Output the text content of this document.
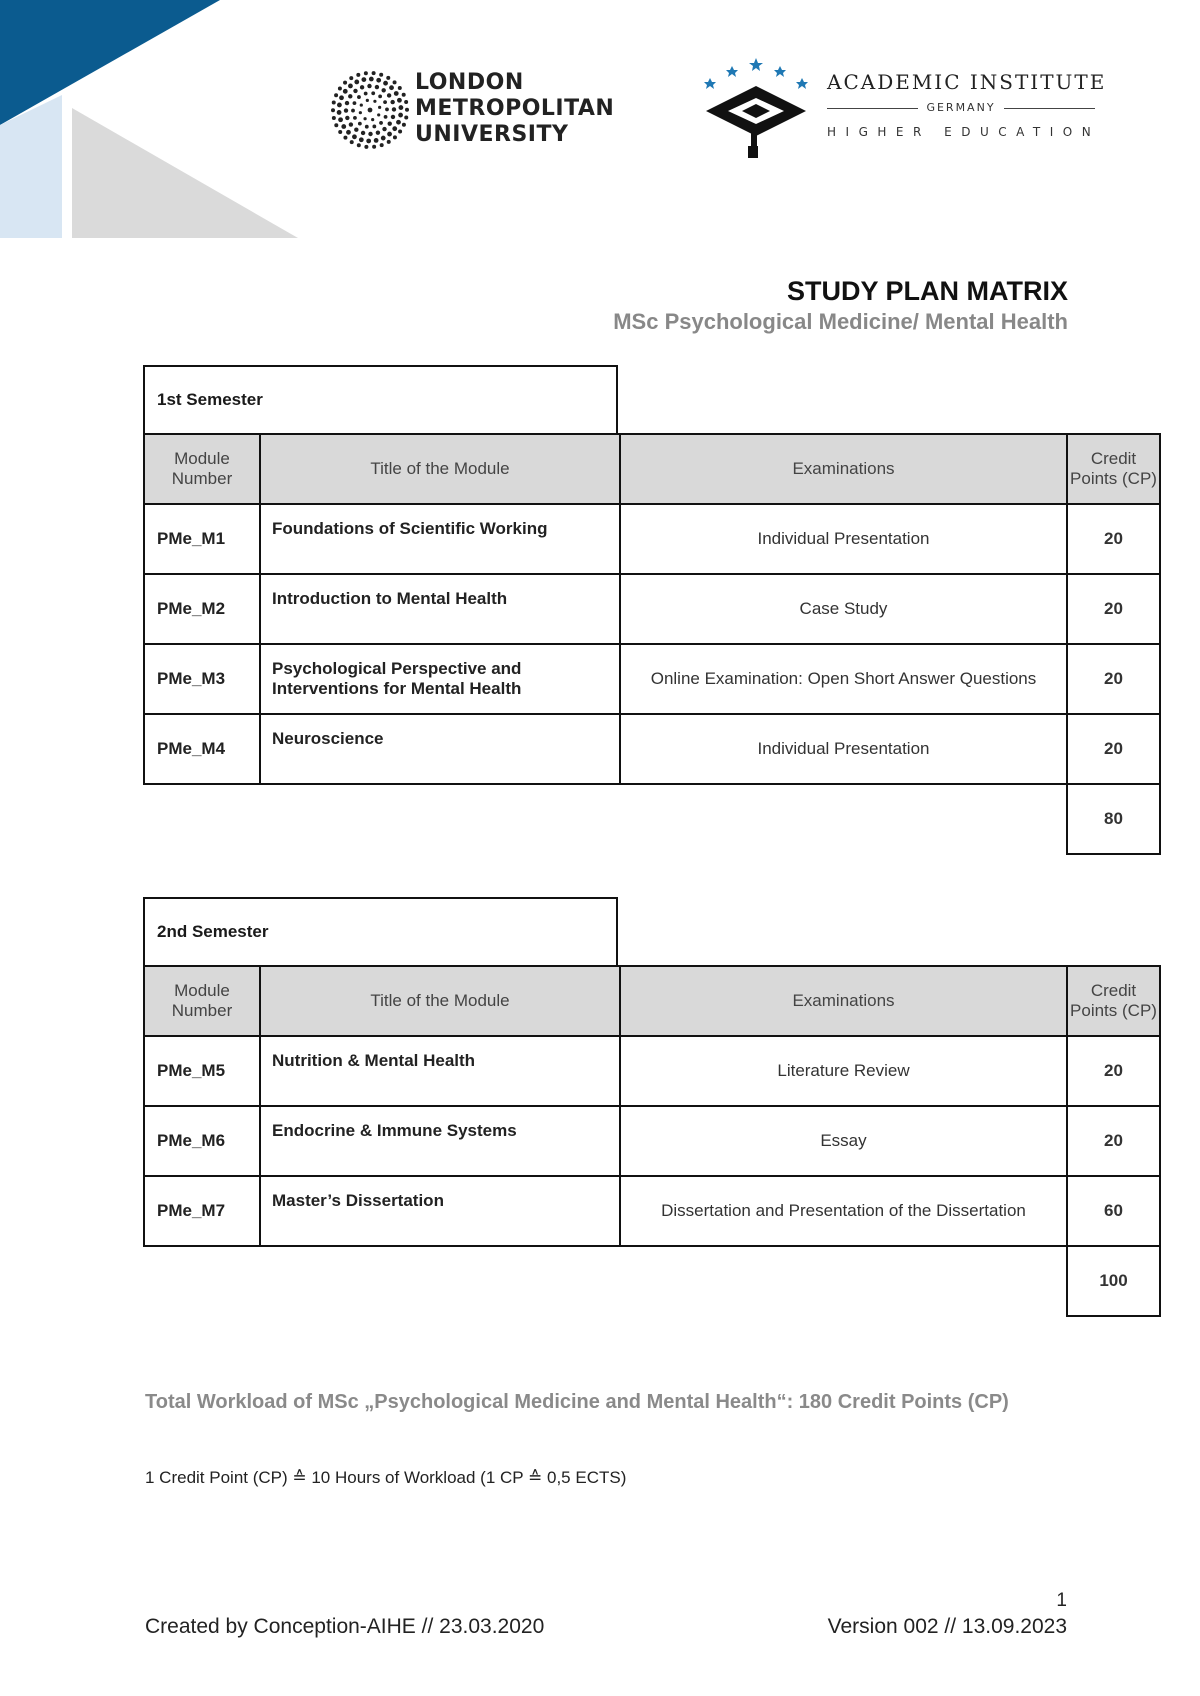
LONDON
METROPOLITAN
UNIVERSITY
ACADEMIC INSTITUTE
GERMANY
HIGHER EDUCATION
STUDY PLAN MATRIX
MSc Psychological Medicine/ Mental Health
1st Semester
Module Number	Title of the Module	Examinations	Credit Points (CP)
PMe_M1	Foundations of Scientific Working	Individual Presentation	20
PMe_M2	Introduction to Mental Health	Case Study	20
PMe_M3	Psychological Perspective and Interventions for Mental Health	Online Examination: Open Short Answer Questions	20
PMe_M4	Neuroscience	Individual Presentation	20
			80
2nd Semester
Module Number	Title of the Module	Examinations	Credit Points (CP)
PMe_M5	Nutrition & Mental Health	Literature Review	20
PMe_M6	Endocrine & Immune Systems	Essay	20
PMe_M7	Master’s Dissertation	Dissertation and Presentation of the Dissertation	60
			100
Total Workload of MSc „Psychological Medicine and Mental Health“: 180 Credit Points (CP)
1 Credit Point (CP) ≙ 10 Hours of Workload (1 CP ≙ 0,5 ECTS)
1
Created by Conception-AIHE // 23.03.2020	Version 002 // 13.09.2023
